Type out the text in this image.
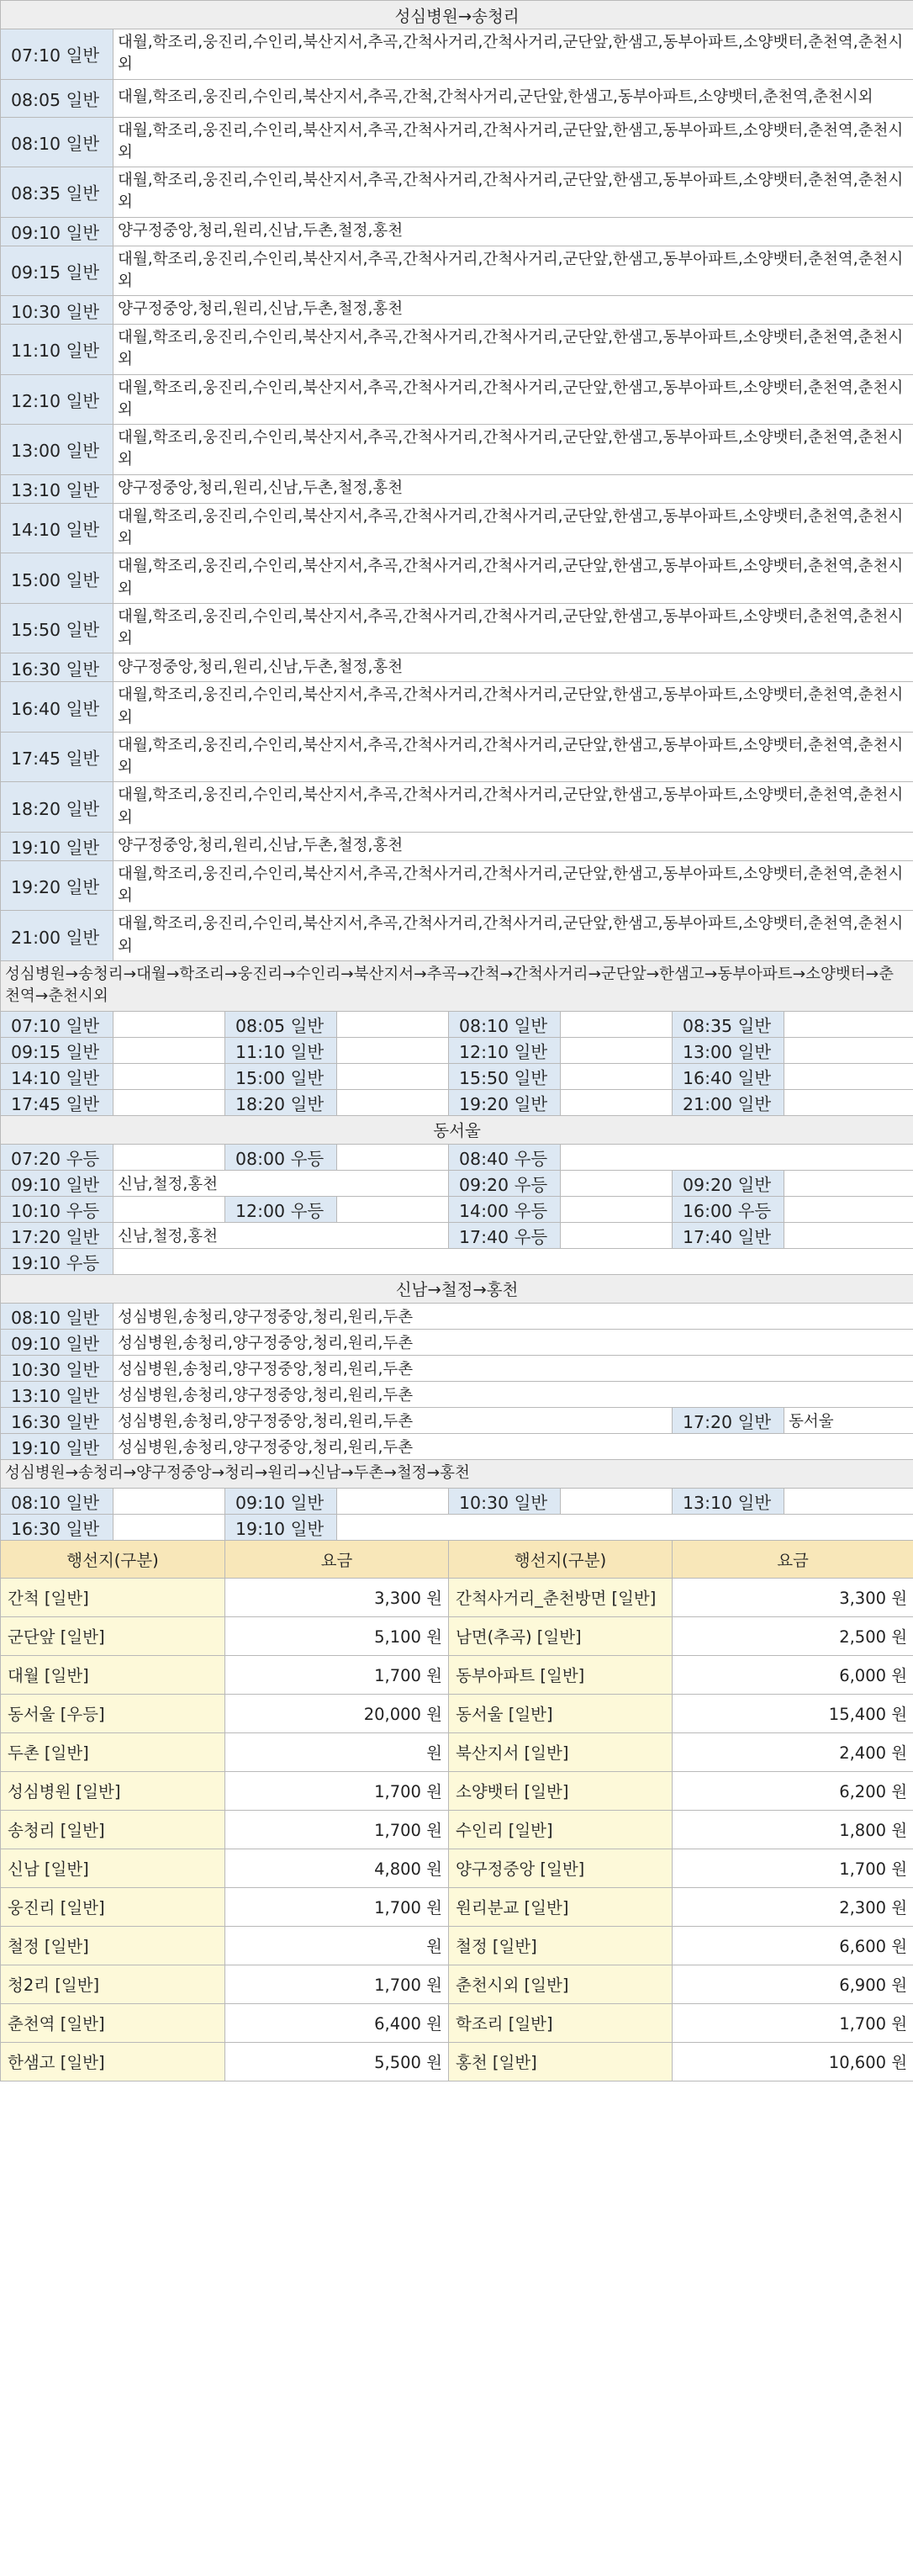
성심병원→송청리							
07:10 일반	대월,학조리,웅진리,수인리,북산지서,추곡,간척사거리,간척사거리,군단앞,한샘고,동부아파트,소양뱃터,춘천역,춘천시외						
08:05 일반	대월,학조리,웅진리,수인리,북산지서,추곡,간척,간척사거리,군단앞,한샘고,동부아파트,소양뱃터,춘천역,춘천시외						
08:10 일반	대월,학조리,웅진리,수인리,북산지서,추곡,간척사거리,간척사거리,군단앞,한샘고,동부아파트,소양뱃터,춘천역,춘천시외						
08:35 일반	대월,학조리,웅진리,수인리,북산지서,추곡,간척사거리,간척사거리,군단앞,한샘고,동부아파트,소양뱃터,춘천역,춘천시외						
09:10 일반	양구정중앙,청리,원리,신남,두촌,철정,홍천						
09:15 일반	대월,학조리,웅진리,수인리,북산지서,추곡,간척사거리,간척사거리,군단앞,한샘고,동부아파트,소양뱃터,춘천역,춘천시외						
10:30 일반	양구정중앙,청리,원리,신남,두촌,철정,홍천						
11:10 일반	대월,학조리,웅진리,수인리,북산지서,추곡,간척사거리,간척사거리,군단앞,한샘고,동부아파트,소양뱃터,춘천역,춘천시외						
12:10 일반	대월,학조리,웅진리,수인리,북산지서,추곡,간척사거리,간척사거리,군단앞,한샘고,동부아파트,소양뱃터,춘천역,춘천시외						
13:00 일반	대월,학조리,웅진리,수인리,북산지서,추곡,간척사거리,간척사거리,군단앞,한샘고,동부아파트,소양뱃터,춘천역,춘천시외						
13:10 일반	양구정중앙,청리,원리,신남,두촌,철정,홍천						
14:10 일반	대월,학조리,웅진리,수인리,북산지서,추곡,간척사거리,간척사거리,군단앞,한샘고,동부아파트,소양뱃터,춘천역,춘천시외						
15:00 일반	대월,학조리,웅진리,수인리,북산지서,추곡,간척사거리,간척사거리,군단앞,한샘고,동부아파트,소양뱃터,춘천역,춘천시외						
15:50 일반	대월,학조리,웅진리,수인리,북산지서,추곡,간척사거리,간척사거리,군단앞,한샘고,동부아파트,소양뱃터,춘천역,춘천시외						
16:30 일반	양구정중앙,청리,원리,신남,두촌,철정,홍천						
16:40 일반	대월,학조리,웅진리,수인리,북산지서,추곡,간척사거리,간척사거리,군단앞,한샘고,동부아파트,소양뱃터,춘천역,춘천시외						
17:45 일반	대월,학조리,웅진리,수인리,북산지서,추곡,간척사거리,간척사거리,군단앞,한샘고,동부아파트,소양뱃터,춘천역,춘천시외						
18:20 일반	대월,학조리,웅진리,수인리,북산지서,추곡,간척사거리,간척사거리,군단앞,한샘고,동부아파트,소양뱃터,춘천역,춘천시외						
19:10 일반	양구정중앙,청리,원리,신남,두촌,철정,홍천						
19:20 일반	대월,학조리,웅진리,수인리,북산지서,추곡,간척사거리,간척사거리,군단앞,한샘고,동부아파트,소양뱃터,춘천역,춘천시외						
21:00 일반	대월,학조리,웅진리,수인리,북산지서,추곡,간척사거리,간척사거리,군단앞,한샘고,동부아파트,소양뱃터,춘천역,춘천시외						
성심병원→송청리→대월→학조리→웅진리→수인리→북산지서→추곡→간척→간척사거리→군단앞→한샘고→동부아파트→소양뱃터→춘천역→춘천시외							
07:10 일반		08:05 일반		08:10 일반		08:35 일반	
09:15 일반		11:10 일반		12:10 일반		13:00 일반	
14:10 일반		15:00 일반		15:50 일반		16:40 일반	
17:45 일반		18:20 일반		19:20 일반		21:00 일반	
동서울							
07:20 우등		08:00 우등		08:40 우등			
09:10 일반	신남,철정,홍천			09:20 우등		09:20 일반	
10:10 우등		12:00 우등		14:00 우등		16:00 우등	
17:20 일반	신남,철정,홍천			17:40 우등		17:40 일반	
19:10 우등							
신남→철정→홍천							
08:10 일반	성심병원,송청리,양구정중앙,청리,원리,두촌						
09:10 일반	성심병원,송청리,양구정중앙,청리,원리,두촌						
10:30 일반	성심병원,송청리,양구정중앙,청리,원리,두촌						
13:10 일반	성심병원,송청리,양구정중앙,청리,원리,두촌						
16:30 일반	성심병원,송청리,양구정중앙,청리,원리,두촌					17:20 일반	동서울
19:10 일반	성심병원,송청리,양구정중앙,청리,원리,두촌						
성심병원→송청리→양구정중앙→청리→원리→신남→두촌→철정→홍천							
08:10 일반		09:10 일반		10:30 일반		13:10 일반	
16:30 일반		19:10 일반					
행선지(구분)		요금		행선지(구분)		요금	
간척 [일반]		3,300 원		간척사거리_춘천방면 [일반]		3,300 원	
군단앞 [일반]		5,100 원		남면(추곡) [일반]		2,500 원	
대월 [일반]		1,700 원		동부아파트 [일반]		6,000 원	
동서울 [우등]		20,000 원		동서울 [일반]		15,400 원	
두촌 [일반]		원		북산지서 [일반]		2,400 원	
성심병원 [일반]		1,700 원		소양뱃터 [일반]		6,200 원	
송청리 [일반]		1,700 원		수인리 [일반]		1,800 원	
신남 [일반]		4,800 원		양구정중앙 [일반]		1,700 원	
웅진리 [일반]		1,700 원		원리분교 [일반]		2,300 원	
철정 [일반]		원		철정 [일반]		6,600 원	
청2리 [일반]		1,700 원		춘천시외 [일반]		6,900 원	
춘천역 [일반]		6,400 원		학조리 [일반]		1,700 원	
한샘고 [일반]		5,500 원		홍천 [일반]		10,600 원	
